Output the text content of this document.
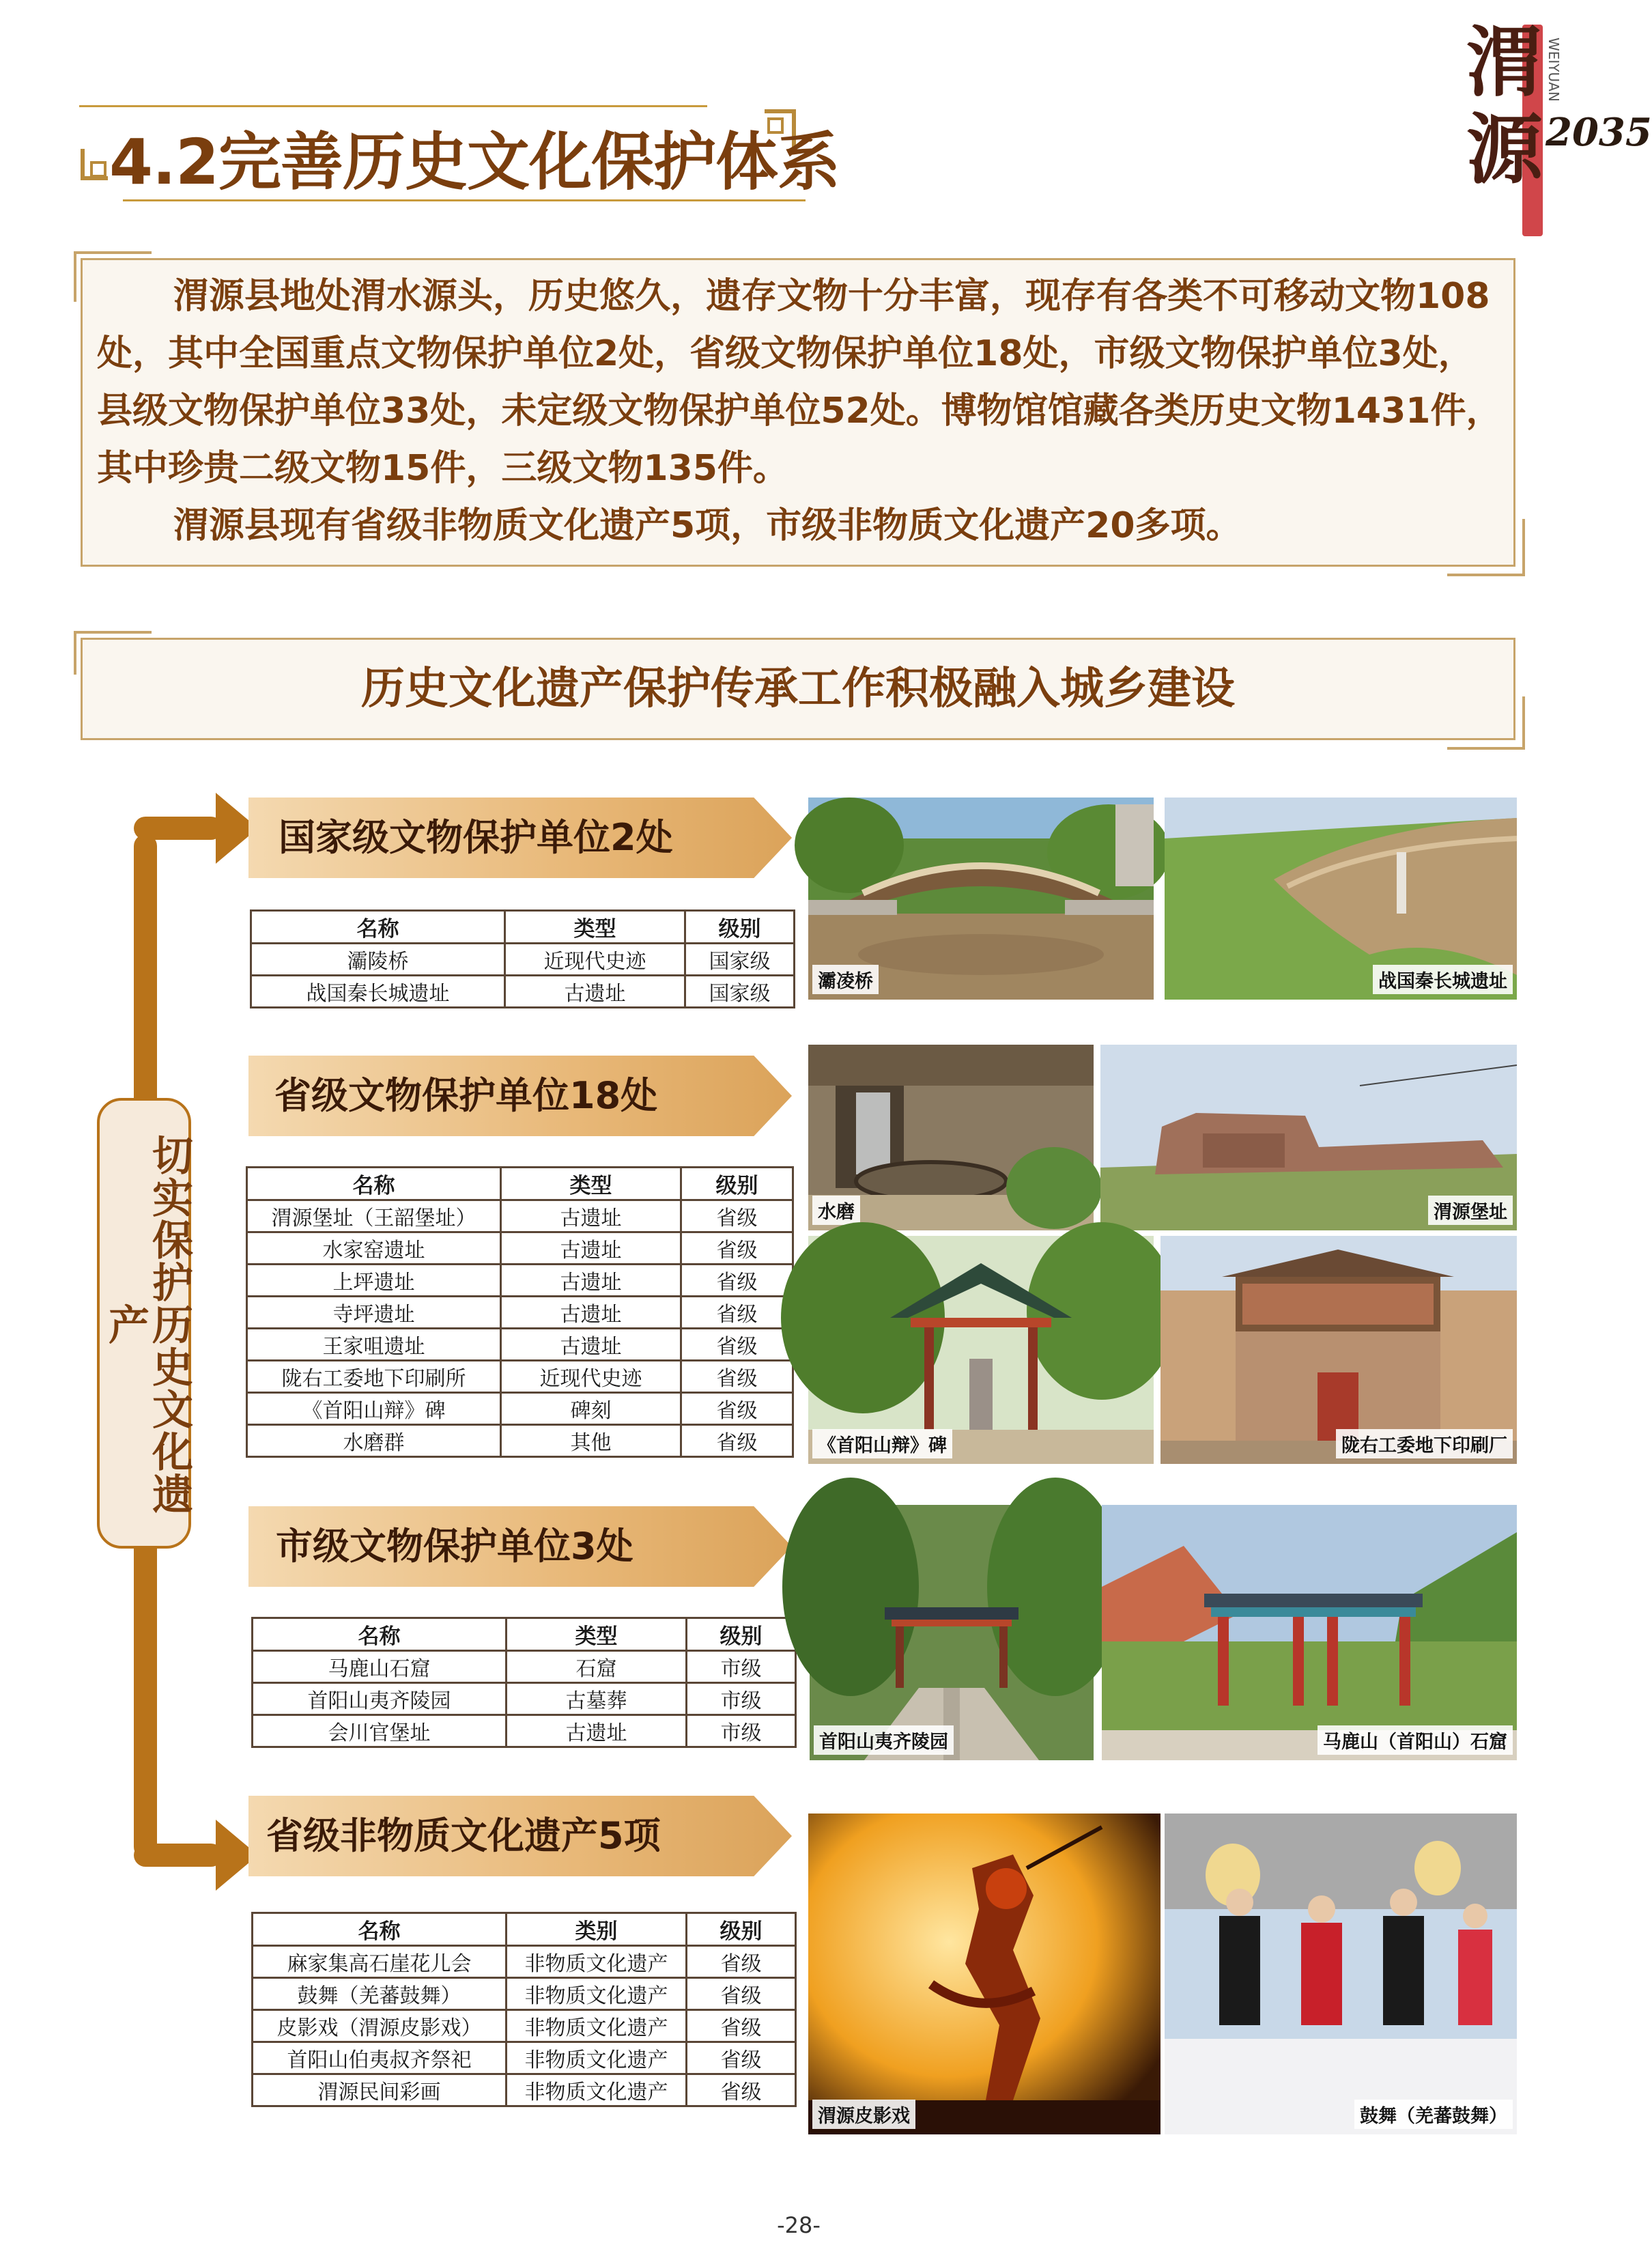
4.2完善历史文化保护体系
渭源
WEIYUAN
2035

渭源县地处渭水源头，历史悠久，遗存文物十分丰富，现存有各类不可移动文物108处，其中全国重点文物保护单位2处，省级文物保护单位18处，市级文物保护单位3处，县级文物保护单位33处，未定级文物保护单位52处。博物馆馆藏各类历史文物1431件，其中珍贵二级文物15件，三级文物135件。

渭源县现有省级非物质文化遗产5项，市级非物质文化遗产20多项。

历史文化遗产保护传承工作积极融入城乡建设
切实保护历史文化遗产
国家级文物保护单位2处
名称	类型	级别
灞陵桥	近现代史迹	国家级
战国秦长城遗址	古遗址	国家级
灞凌桥	战国秦长城遗址
省级文物保护单位18处
名称	类型	级别
渭源堡址（王韶堡址）	古遗址	省级
水家窑遗址	古遗址	省级
上坪遗址	古遗址	省级
寺坪遗址	古遗址	省级
王家咀遗址	古遗址	省级
陇右工委地下印刷所	近现代史迹	省级
《首阳山辩》碑	碑刻	省级
水磨群	其他	省级
水磨	渭源堡址
《首阳山辩》碑	陇右工委地下印刷厂
市级文物保护单位3处
名称	类型	级别
马鹿山石窟	石窟	市级
首阳山夷齐陵园	古墓葬	市级
会川官堡址	古遗址	市级	首阳山夷齐陵园	马鹿山（首阳山）石窟
省级非物质文化遗产5项
名称	类别	级别
麻家集高石崖花儿会	非物质文化遗产	省级
鼓舞（羌蕃鼓舞）	非物质文化遗产	省级
皮影戏（渭源皮影戏）	非物质文化遗产	省级
首阳山伯夷叔齐祭祀	非物质文化遗产	省级
渭源民间彩画	非物质文化遗产	省级
渭源皮影戏	鼓舞（羌蕃鼓舞）
-28-
